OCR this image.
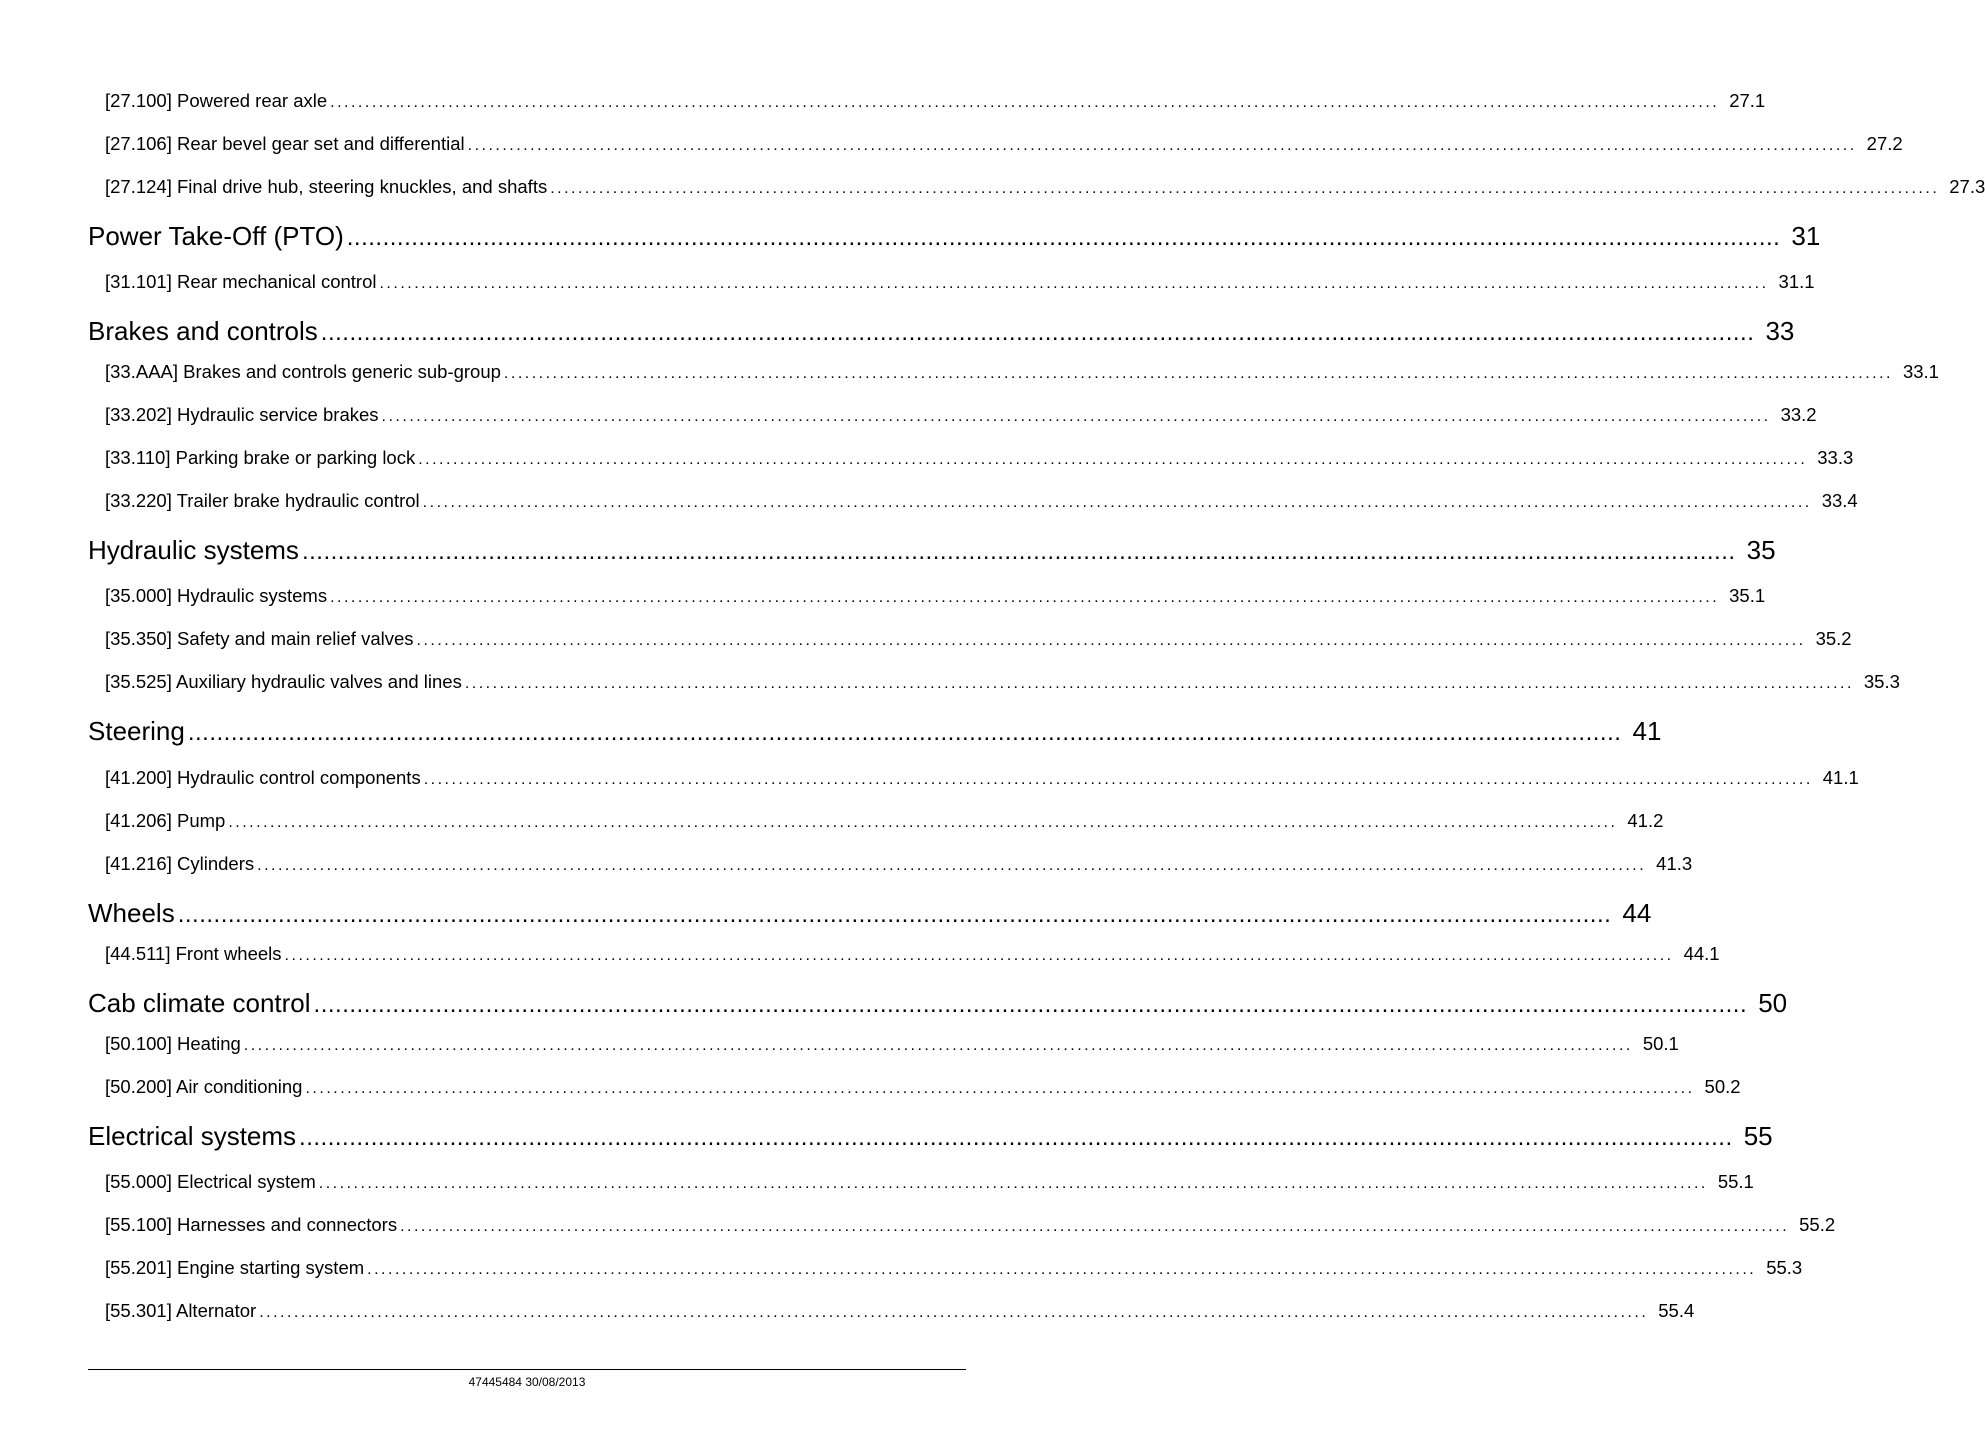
[27.100] Powered rear axle ........................................................................................................................................................................................................ 27.1
[27.106] Rear bevel gear set and differential ........................................................................................................................................................................................................ 27.2
[27.124] Final drive hub, steering knuckles, and shafts ........................................................................................................................................................................................................ 27.3
Power Take-Off (PTO) ........................................................................................................................................................................................................ 31
[31.101] Rear mechanical control ........................................................................................................................................................................................................ 31.1
Brakes and controls ........................................................................................................................................................................................................ 33
[33.AAA] Brakes and controls generic sub-group ........................................................................................................................................................................................................ 33.1
[33.202] Hydraulic service brakes ........................................................................................................................................................................................................ 33.2
[33.110] Parking brake or parking lock ........................................................................................................................................................................................................ 33.3
[33.220] Trailer brake hydraulic control ........................................................................................................................................................................................................ 33.4
Hydraulic systems ........................................................................................................................................................................................................ 35
[35.000] Hydraulic systems ........................................................................................................................................................................................................ 35.1
[35.350] Safety and main relief valves ........................................................................................................................................................................................................ 35.2
[35.525] Auxiliary hydraulic valves and lines ........................................................................................................................................................................................................ 35.3
Steering ........................................................................................................................................................................................................ 41
[41.200] Hydraulic control components ........................................................................................................................................................................................................ 41.1
[41.206] Pump ........................................................................................................................................................................................................ 41.2
[41.216] Cylinders ........................................................................................................................................................................................................ 41.3
Wheels ........................................................................................................................................................................................................ 44
[44.511] Front wheels ........................................................................................................................................................................................................ 44.1
Cab climate control ........................................................................................................................................................................................................ 50
[50.100] Heating ........................................................................................................................................................................................................ 50.1
[50.200] Air conditioning ........................................................................................................................................................................................................ 50.2
Electrical systems ........................................................................................................................................................................................................ 55
[55.000] Electrical system ........................................................................................................................................................................................................ 55.1
[55.100] Harnesses and connectors ........................................................................................................................................................................................................ 55.2
[55.201] Engine starting system ........................................................................................................................................................................................................ 55.3
[55.301] Alternator ........................................................................................................................................................................................................ 55.4
47445484 30/08/2013
